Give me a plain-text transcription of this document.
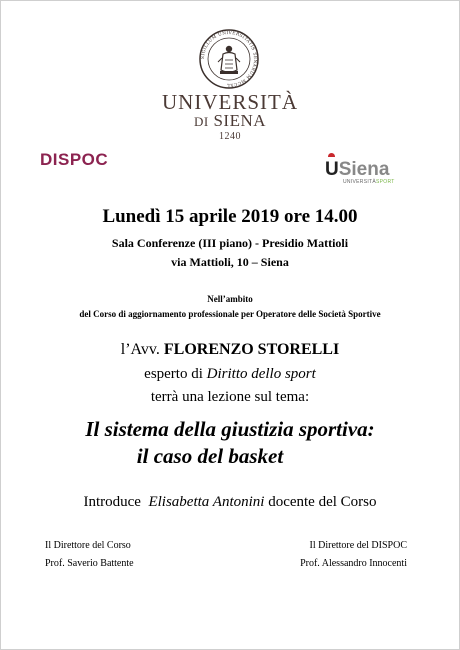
SIGILLUM UNIVERSITATIS SENARUM MCCXL
UNIVERSITÀ
DI SIENA
1240
DISPOC	USiena
UNIVERSITÀSPORT
Lunedì 15 aprile 2019 ore 14.00
Sala Conferenze (III piano) - Presidio Mattioli
via Mattioli, 10 – Siena
Nell’ambito
del Corso di aggiornamento professionale per Operatore delle Società Sportive
l’Avv. FLORENZO STORELLI
esperto di Diritto dello sport
terrà una lezione sul tema:
Il sistema della giustizia sportiva:
il caso del basket
Introduce Elisabetta Antonini docente del Corso
Il Direttore del Corso
Prof. Saverio Battente
Il Direttore del DISPOC
Prof. Alessandro Innocenti
